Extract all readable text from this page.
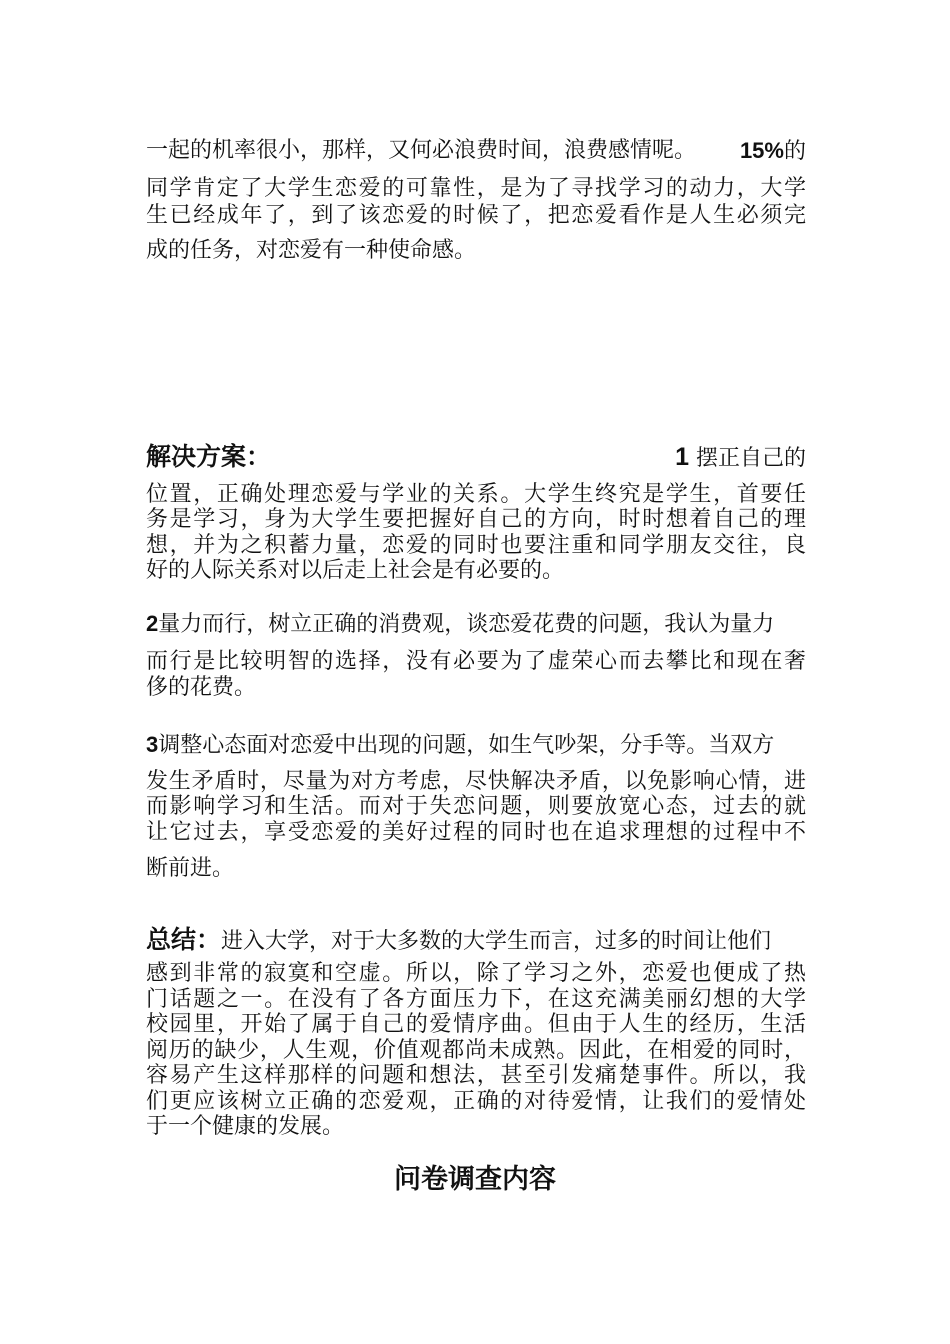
一起的机率很小，那样，又何必浪费时间，浪费感情呢。 15%的
同学肯定了大学生恋爱的可靠性，是为了寻找学习的动力，大学
生已经成年了，到了该恋爱的时候了，把恋爱看作是人生必须完
成的任务，对恋爱有一种使命感。
解决方案：	1 摆正自己的
位置，正确处理恋爱与学业的关系。大学生终究是学生，首要任
务是学习，身为大学生要把握好自己的方向，时时想着自己的理
想，并为之积蓄力量，恋爱的同时也要注重和同学朋友交往，良
好的人际关系对以后走上社会是有必要的。
2量力而行，树立正确的消费观，谈恋爱花费的问题，我认为量力
而行是比较明智的选择，没有必要为了虚荣心而去攀比和现在奢
侈的花费。
3调整心态面对恋爱中出现的问题，如生气吵架，分手等。当双方
发生矛盾时，尽量为对方考虑，尽快解决矛盾，以免影响心情，进
而影响学习和生活。而对于失恋问题，则要放宽心态，过去的就
让它过去，享受恋爱的美好过程的同时也在追求理想的过程中不
断前进。
总结：进入大学，对于大多数的大学生而言，过多的时间让他们
感到非常的寂寞和空虚。所以，除了学习之外，恋爱也便成了热
门话题之一。在没有了各方面压力下，在这充满美丽幻想的大学
校园里，开始了属于自己的爱情序曲。但由于人生的经历，生活
阅历的缺少，人生观，价值观都尚未成熟。因此，在相爱的同时，
容易产生这样那样的问题和想法，甚至引发痛楚事件。所以，我
们更应该树立正确的恋爱观，正确的对待爱情，让我们的爱情处
于一个健康的发展。
问卷调查内容
